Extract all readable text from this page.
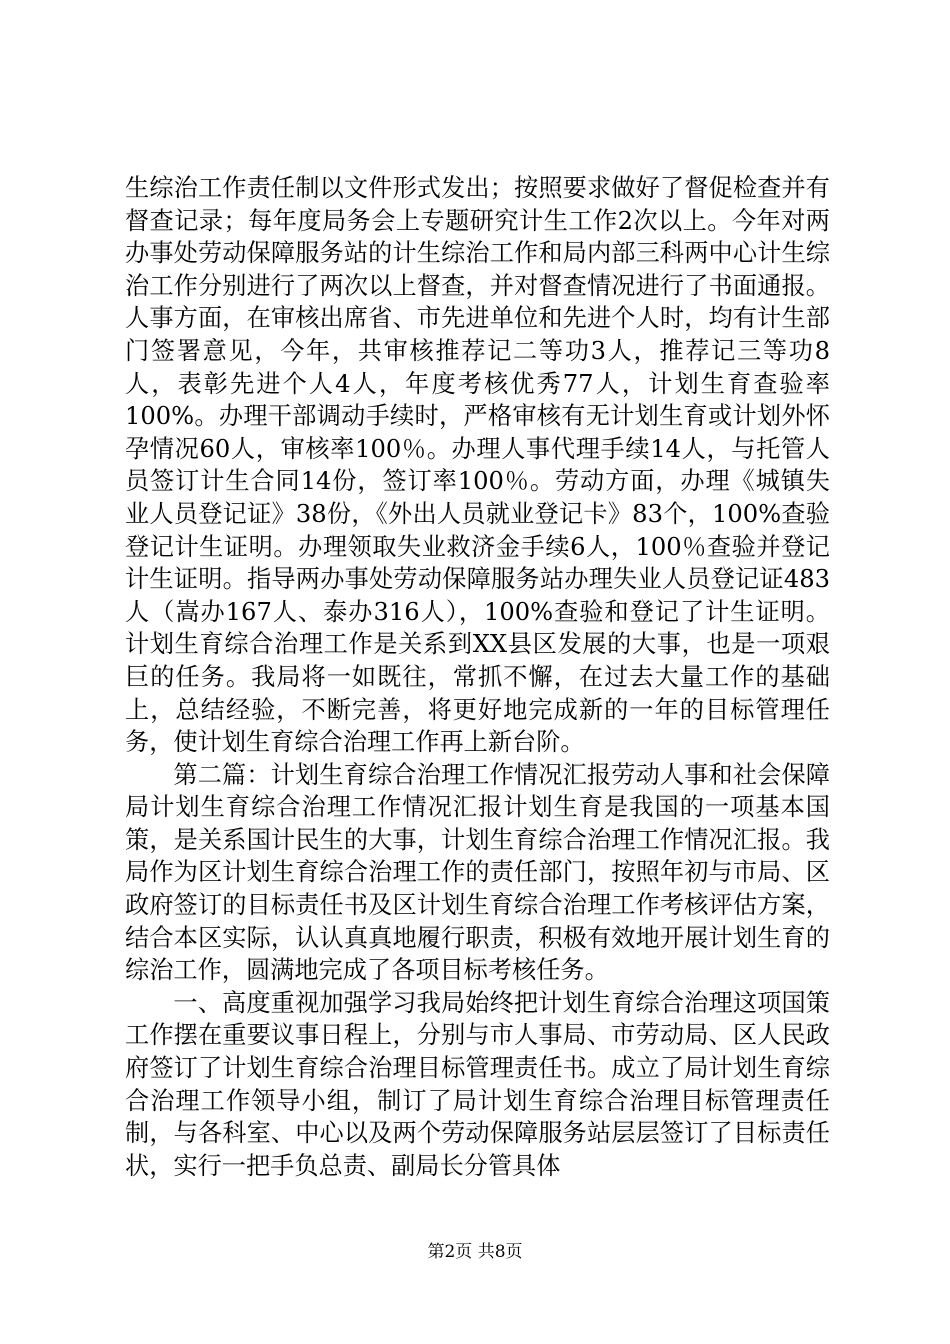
生综治工作责任制以文件形式发出；按照要求做好了督促检查并有督查记录；每年度局务会上专题研究计生工作2次以上。今年对两办事处劳动保障服务站的计生综治工作和局内部三科两中心计生综治工作分别进行了两次以上督查，并对督查情况进行了书面通报。人事方面，在审核出席省、市先进单位和先进个人时，均有计生部门签署意见，今年，共审核推荐记二等功3人，推荐记三等功8人，表彰先进个人4人，年度考核优秀77人，计划生育查验率100%。办理干部调动手续时，严格审核有无计划生育或计划外怀孕情况60人，审核率100％。办理人事代理手续14人，与托管人员签订计生合同14份，签订率100％。劳动方面，办理《城镇失业人员登记证》38份，《外出人员就业登记卡》83个，100%查验登记计生证明。办理领取失业救济金手续6人，100％查验并登记计生证明。指导两办事处劳动保障服务站办理失业人员登记证483人（嵩办167人、泰办316人），100%查验和登记了计生证明。计划生育综合治理工作是关系到XX县区发展的大事，也是一项艰巨的任务。我局将一如既往，常抓不懈，在过去大量工作的基础上，总结经验，不断完善，将更好地完成新的一年的目标管理任务，使计划生育综合治理工作再上新台阶。

第二篇：计划生育综合治理工作情况汇报劳动人事和社会保障局计划生育综合治理工作情况汇报计划生育是我国的一项基本国策，是关系国计民生的大事，计划生育综合治理工作情况汇报。我局作为区计划生育综合治理工作的责任部门，按照年初与市局、区政府签订的目标责任书及区计划生育综合治理工作考核评估方案，结合本区实际，认认真真地履行职责，积极有效地开展计划生育的综治工作，圆满地完成了各项目标考核任务。

一、高度重视加强学习我局始终把计划生育综合治理这项国策工作摆在重要议事日程上，分别与市人事局、市劳动局、区人民政府签订了计划生育综合治理目标管理责任书。成立了局计划生育综合治理工作领导小组，制订了局计划生育综合治理目标管理责任制，与各科室、中心以及两个劳动保障服务站层层签订了目标责任状，实行一把手负总责、副局长分管具体

第2页 共8页
